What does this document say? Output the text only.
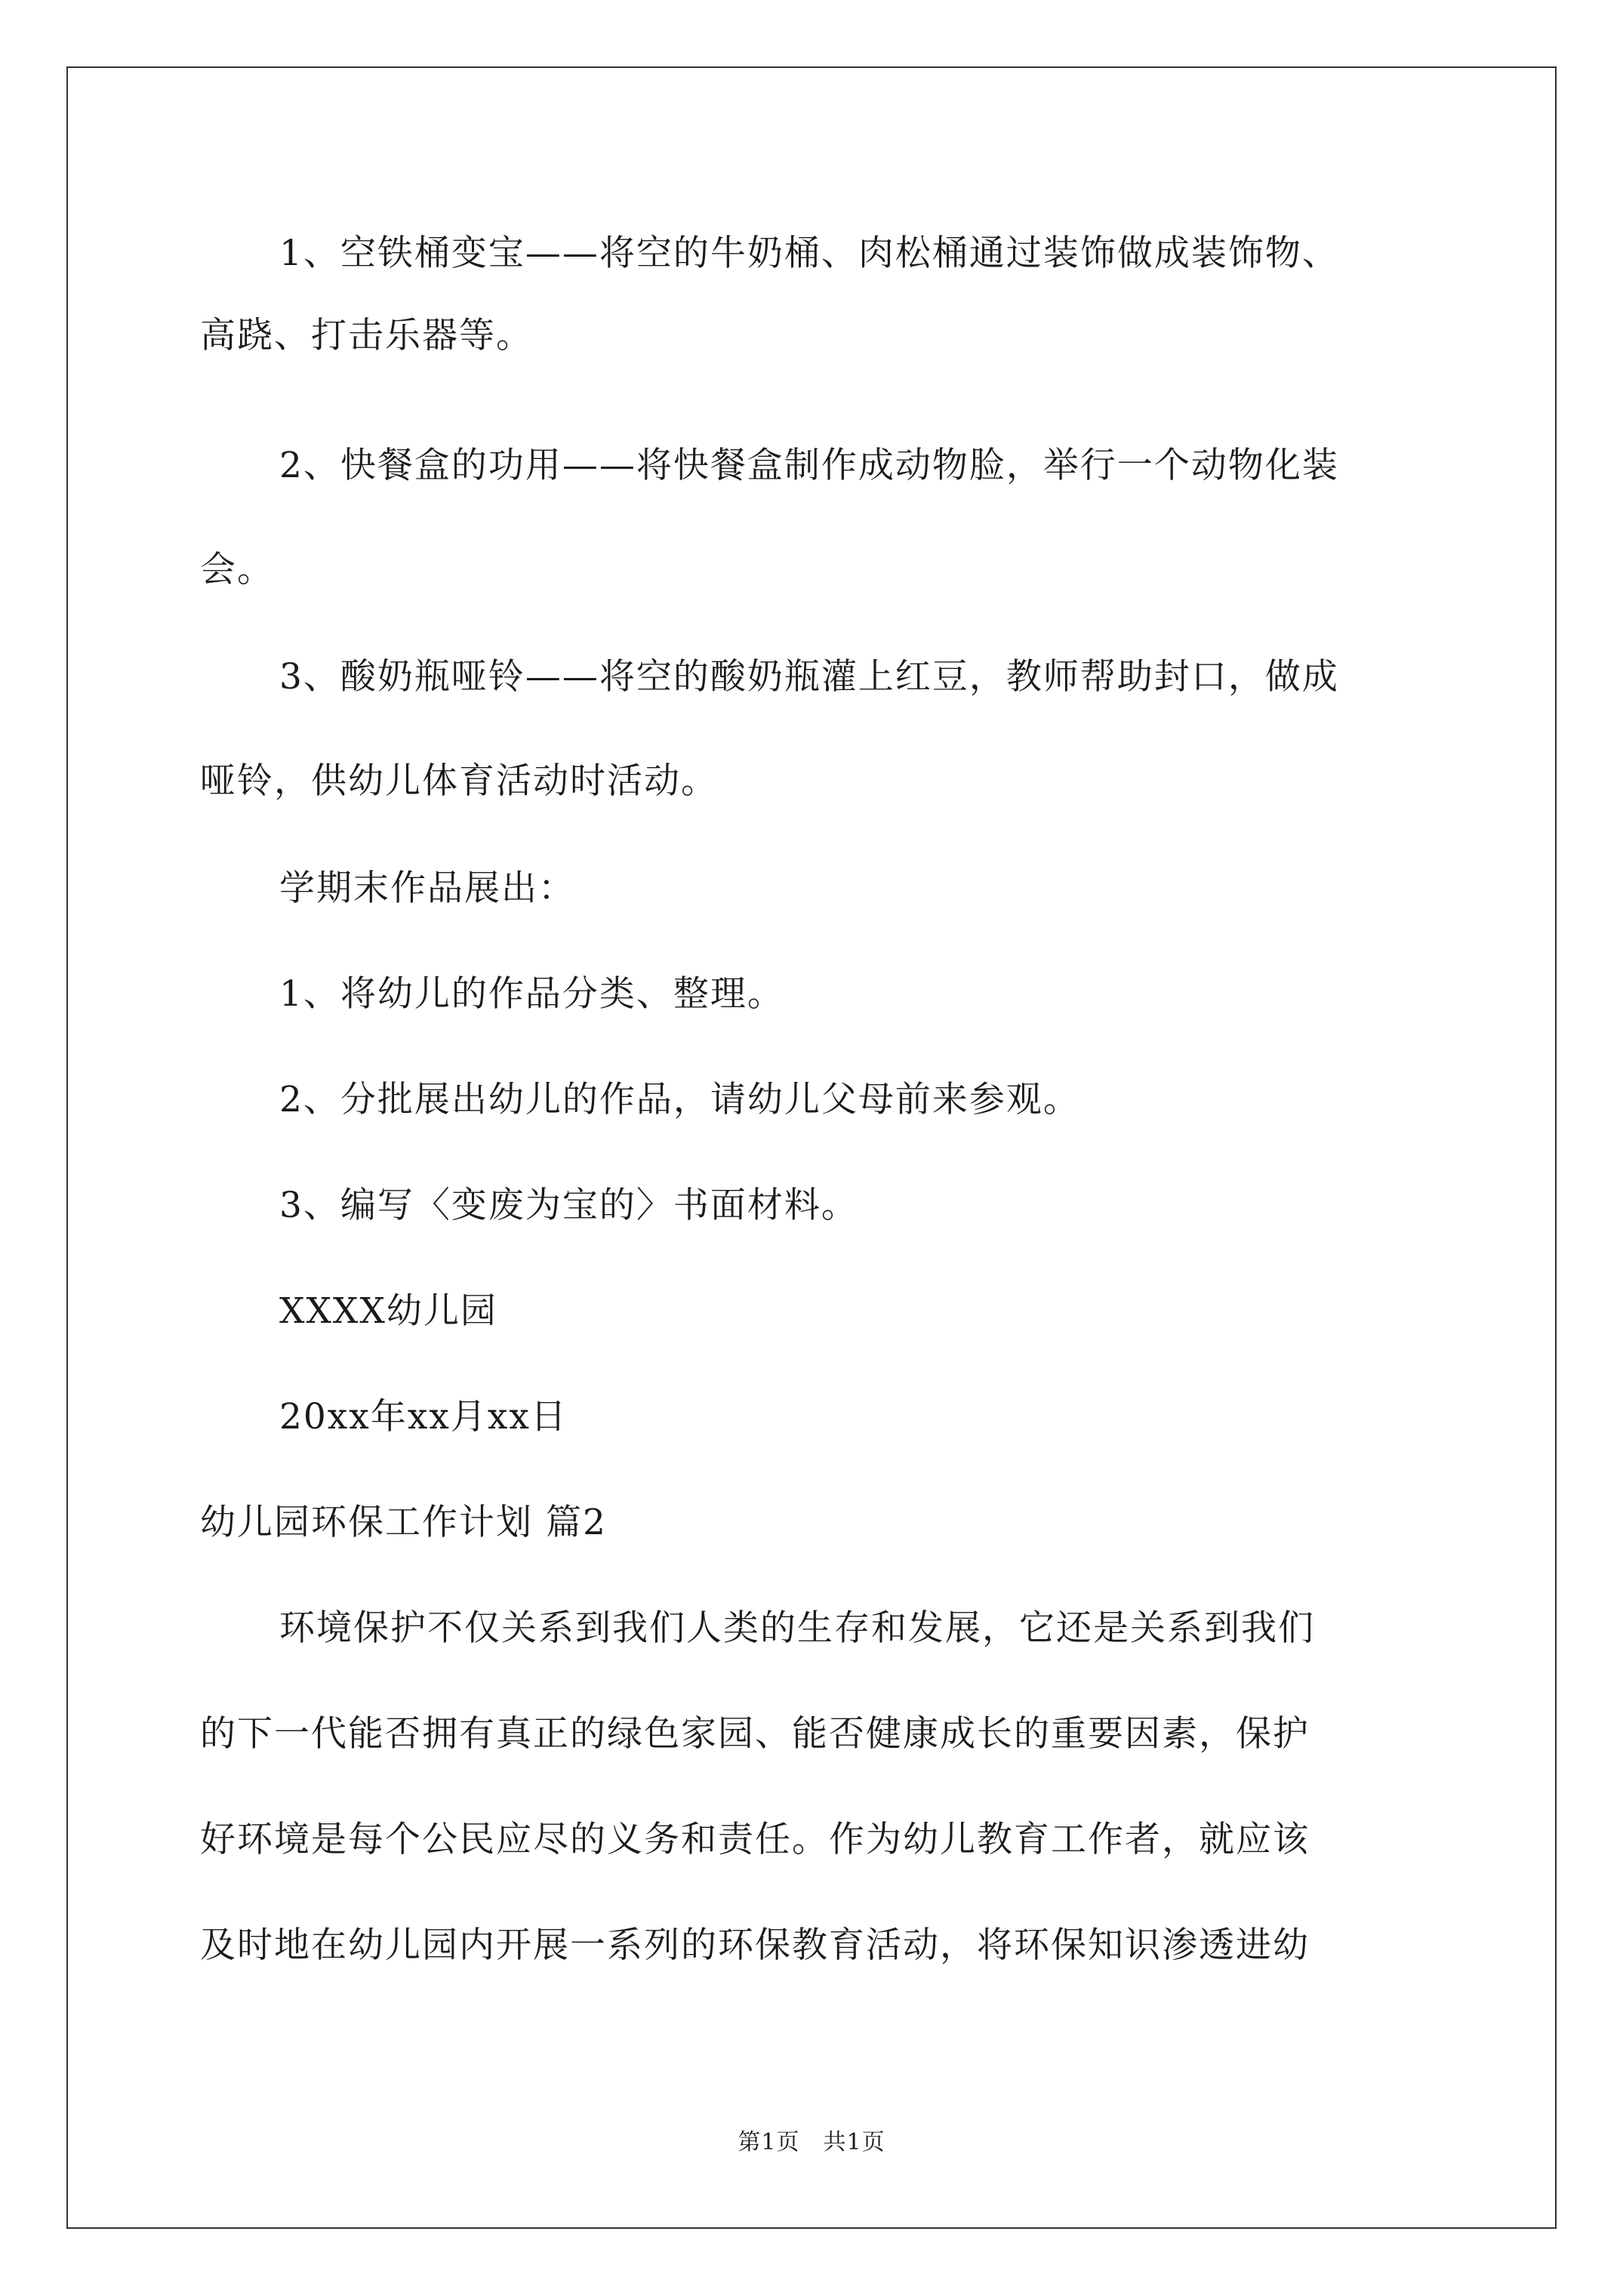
1、空铁桶变宝——将空的牛奶桶、肉松桶通过装饰做成装饰物、
高跷、打击乐器等。
2、快餐盒的功用——将快餐盒制作成动物脸，举行一个动物化装
会。
3、酸奶瓶哑铃——将空的酸奶瓶灌上红豆，教师帮助封口，做成
哑铃，供幼儿体育活动时活动。
学期末作品展出：
1、将幼儿的作品分类、整理。
2、分批展出幼儿的作品，请幼儿父母前来参观。
3、编写〈变废为宝的〉书面材料。
XXXX幼儿园
20xx年xx月xx日
幼儿园环保工作计划 篇2
环境保护不仅关系到我们人类的生存和发展，它还是关系到我们
的下一代能否拥有真正的绿色家园、能否健康成长的重要因素，保护
好环境是每个公民应尽的义务和责任。作为幼儿教育工作者，就应该
及时地在幼儿园内开展一系列的环保教育活动，将环保知识渗透进幼
第1页　共1页
